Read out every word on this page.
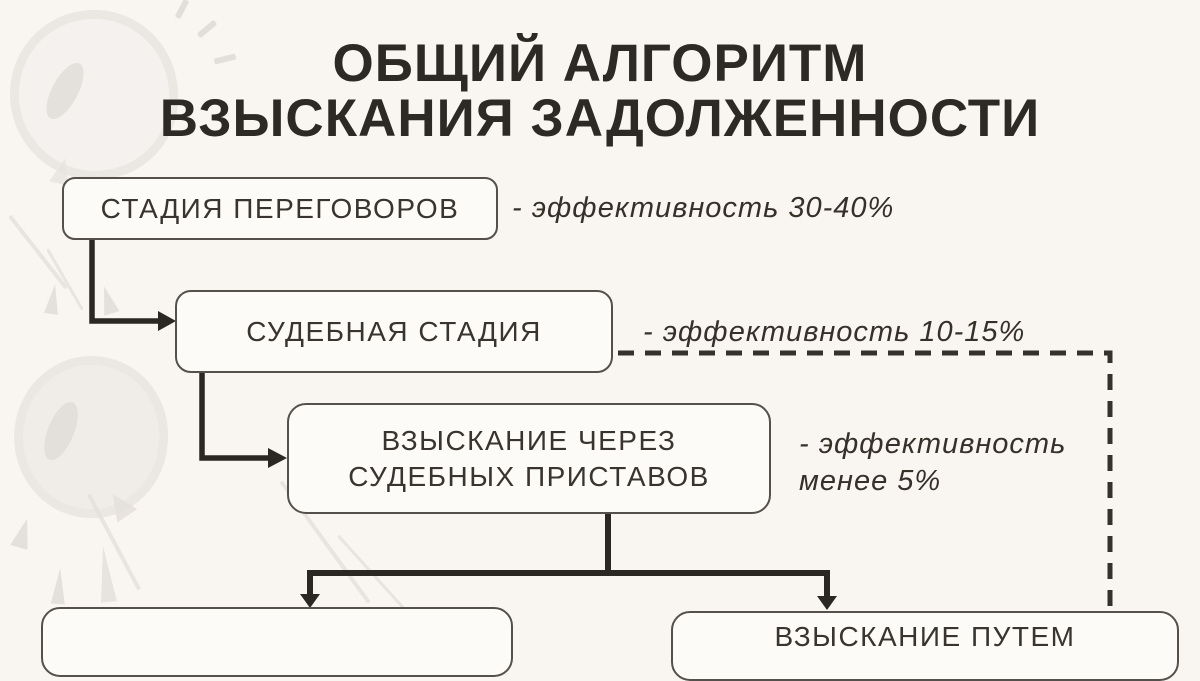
ОБЩИЙ АЛГОРИТМ
ВЗЫСКАНИЯ ЗАДОЛЖЕННОСТИ
СТАДИЯ ПЕРЕГОВОРОВ - эффективность 30-40%
СУДЕБНАЯ СТАДИЯ	- эффективность 10-15%
ВЗЫСКАНИЕ ЧЕРЕЗ
СУДЕБНЫХ ПРИСТАВОВ
- эффективность
менее 5%
ВЗЫСКАНИЕ ПУТЕМ
